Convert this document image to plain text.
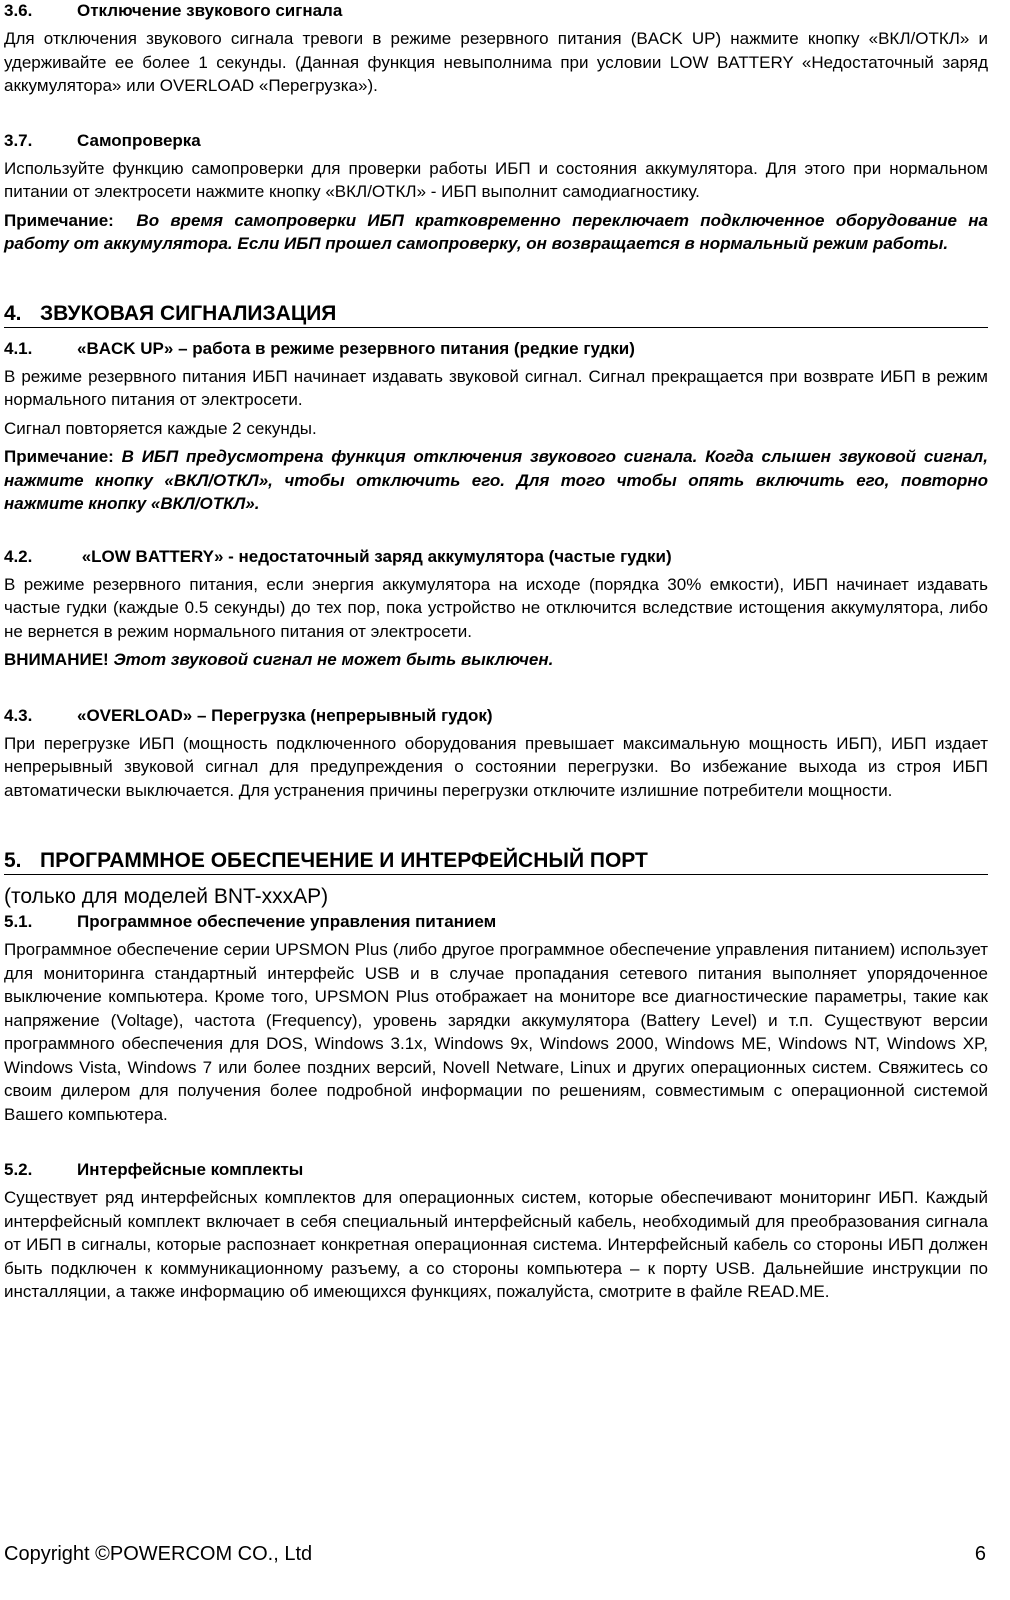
3.6.	Отключение звукового сигнала

Для отключения звукового сигнала тревоги в режиме резервного питания (BACK UP) нажмите кнопку «ВКЛ/ОТКЛ» и удерживайте ее более 1 секунды. (Данная функция невыполнима при условии LOW BATTERY «Недостаточный заряд аккумулятора» или OVERLOAD «Перегрузка»).

3.7.	Самопроверка

Используйте функцию самопроверки для проверки работы ИБП и состояния аккумулятора. Для этого при нормальном питании от электросети нажмите кнопку «ВКЛ/ОТКЛ» - ИБП выполнит самодиагностику.

Примечание: Во время самопроверки ИБП кратковременно переключает подключенное оборудование на работу от аккумулятора. Если ИБП прошел самопроверку, он возвращается в нормальный режим работы.

4. ЗВУКОВАЯ СИГНАЛИЗАЦИЯ
4.1.	«BACK UP» – работа в режиме резервного питания (редкие гудки)

В режиме резервного питания ИБП начинает издавать звуковой сигнал. Сигнал прекращается при возврате ИБП в режим нормального питания от электросети.

Сигнал повторяется каждые 2 секунды.

Примечание: В ИБП предусмотрена функция отключения звукового сигнала. Когда слышен звуковой сигнал, нажмите кнопку «ВКЛ/ОТКЛ», чтобы отключить его. Для того чтобы опять включить его, повторно нажмите кнопку «ВКЛ/ОТКЛ».

4.2.	«LOW BATTERY» - недостаточный заряд аккумулятора (частые гудки)

В режиме резервного питания, если энергия аккумулятора на исходе (порядка 30% емкости), ИБП начинает издавать частые гудки (каждые 0.5 секунды) до тех пор, пока устройство не отключится вследствие истощения аккумулятора, либо не вернется в режим нормального питания от электросети.

ВНИМАНИЕ! Этот звуковой сигнал не может быть выключен.

4.3.	«OVERLOAD» – Перегрузка (непрерывный гудок)

При перегрузке ИБП (мощность подключенного оборудования превышает максимальную мощность ИБП), ИБП издает непрерывный звуковой сигнал для предупреждения о состоянии перегрузки. Во избежание выхода из строя ИБП автоматически выключается. Для устранения причины перегрузки отключите излишние потребители мощности.

5. ПРОГРАММНОЕ ОБЕСПЕЧЕНИЕ И ИНТЕРФЕЙСНЫЙ ПОРТ
(только для моделей BNT-xxxAP)
5.1.	Программное обеспечение управления питанием

Программное обеспечение серии UPSMON Plus (либо другое программное обеспечение управления питанием) использует для мониторинга стандартный интерфейс USB и в случае пропадания сетевого питания выполняет упорядоченное выключение компьютера. Кроме того, UPSMON Plus отображает на мониторе все диагностические параметры, такие как напряжение (Voltage), частота (Frequency), уровень зарядки аккумулятора (Battery Level) и т.п. Существуют версии программного обеспечения для DOS, Windows 3.1x, Windows 9x, Windows 2000, Windows ME, Windows NT, Windows XP, Windows Vista, Windows 7 или более поздних версий, Novell Netware, Linux и других операционных систем. Свяжитесь со своим дилером для получения более подробной информации по решениям, совместимым с операционной системой Вашего компьютера.

5.2.	Интерфейсные комплекты

Существует ряд интерфейсных комплектов для операционных систем, которые обеспечивают мониторинг ИБП. Каждый интерфейсный комплект включает в себя специальный интерфейсный кабель, необходимый для преобразования сигнала от ИБП в сигналы, которые распознает конкретная операционная система. Интерфейсный кабель со стороны ИБП должен быть подключен к коммуникационному разъему, а со стороны компьютера – к порту USB. Дальнейшие инструкции по инсталляции, а также информацию об имеющихся функциях, пожалуйста, смотрите в файле READ.ME.

Copyright ©POWERCOM CO., Ltd	6
